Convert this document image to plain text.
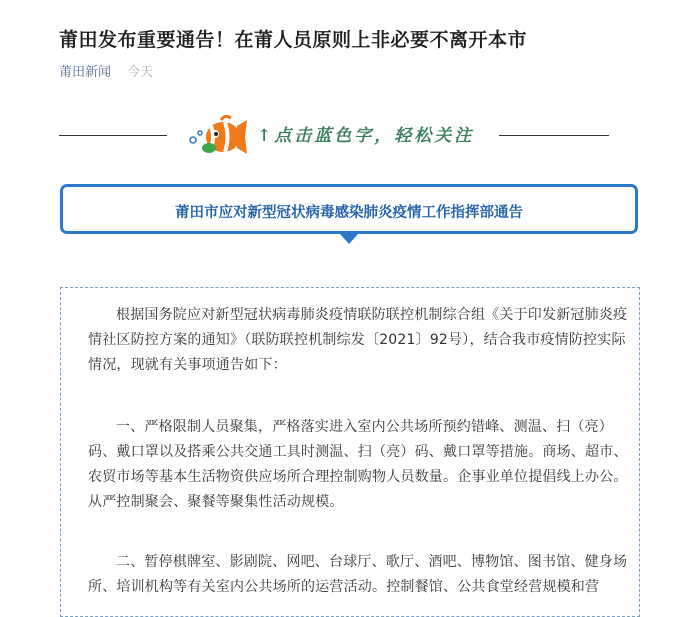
莆田发布重要通告！在莆人员原则上非必要不离开本市
莆田新闻 今天
↑点击蓝色字，轻松关注
莆田市应对新型冠状病毒感染肺炎疫情工作指挥部通告

根据国务院应对新型冠状病毒肺炎疫情联防联控机制综合组《关于印发新冠肺炎疫情社区防控方案的通知》（联防联控机制综发〔2021〕92号），结合我市疫情防控实际情况，现就有关事项通告如下：

一、严格限制人员聚集，严格落实进入室内公共场所预约错峰、测温、扫（亮）码、戴口罩以及搭乘公共交通工具时测温、扫（亮）码、戴口罩等措施。商场、超市、农贸市场等基本生活物资供应场所合理控制购物人员数量。企事业单位提倡线上办公。从严控制聚会、聚餐等聚集性活动规模。

二、暂停棋牌室、影剧院、网吧、台球厅、歌厅、酒吧、博物馆、图书馆、健身场所、培训机构等有关室内公共场所的运营活动。控制餐馆、公共食堂经营规模和营
